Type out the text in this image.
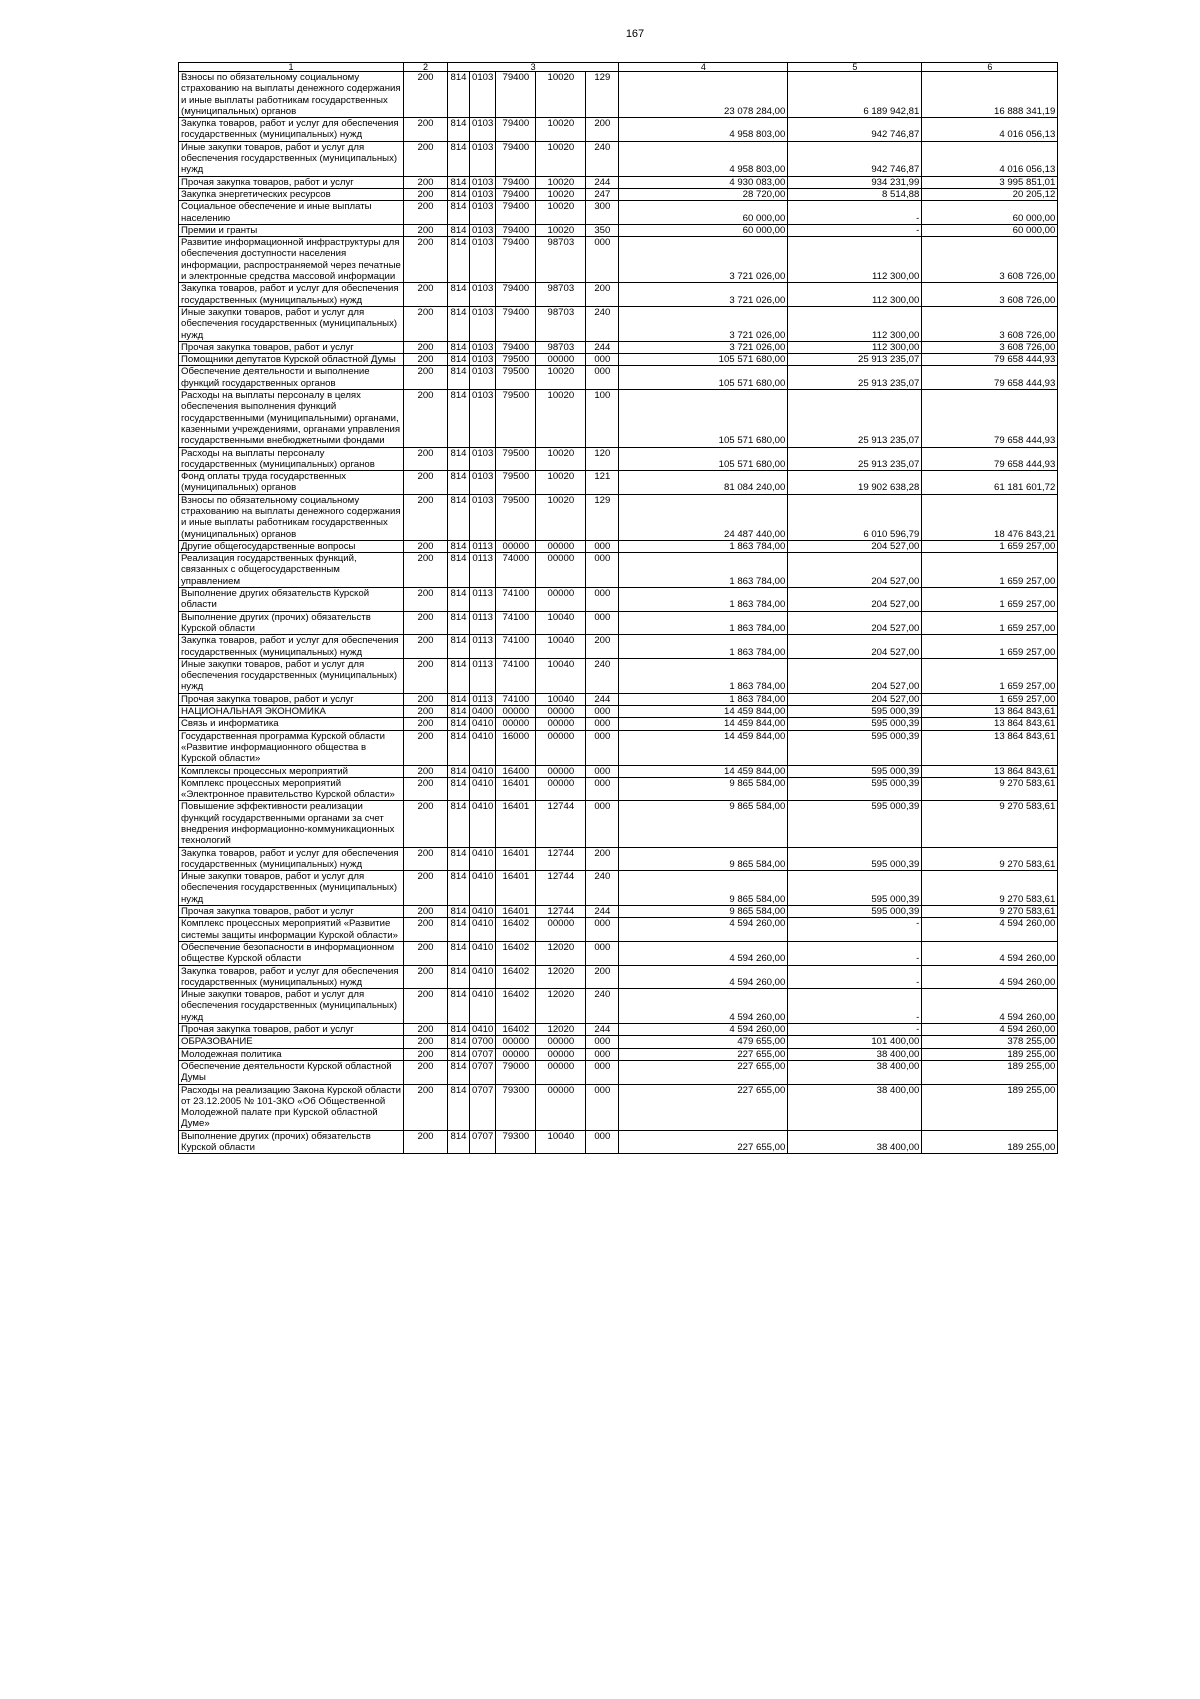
167
1	2	3					4	5	6
Взносы по обязательному социальному страхованию на выплаты денежного содержания и иные выплаты работникам государственных (муниципальных) органов	200	814	0103	79400	10020	129	23 078 284,00	6 189 942,81	16 888 341,19
Закупка товаров, работ и услуг для обеспечения государственных (муниципальных) нужд	200	814	0103	79400	10020	200	4 958 803,00	942 746,87	4 016 056,13
Иные закупки товаров, работ и услуг для обеспечения государственных (муниципальных) нужд	200	814	0103	79400	10020	240	4 958 803,00	942 746,87	4 016 056,13
Прочая закупка товаров, работ и услуг	200	814	0103	79400	10020	244	4 930 083,00	934 231,99	3 995 851,01
Закупка энергетических ресурсов	200	814	0103	79400	10020	247	28 720,00	8 514,88	20 205,12
Социальное обеспечение и иные выплаты населению	200	814	0103	79400	10020	300	60 000,00	-	60 000,00
Премии и гранты	200	814	0103	79400	10020	350	60 000,00	-	60 000,00
Развитие информационной инфраструктуры для обеспечения доступности населения информации, распространяемой через печатные и электронные средства массовой информации	200	814	0103	79400	98703	000	3 721 026,00	112 300,00	3 608 726,00
Закупка товаров, работ и услуг для обеспечения государственных (муниципальных) нужд	200	814	0103	79400	98703	200	3 721 026,00	112 300,00	3 608 726,00
Иные закупки товаров, работ и услуг для обеспечения государственных (муниципальных) нужд	200	814	0103	79400	98703	240	3 721 026,00	112 300,00	3 608 726,00
Прочая закупка товаров, работ и услуг	200	814	0103	79400	98703	244	3 721 026,00	112 300,00	3 608 726,00
Помощники депутатов Курской областной Думы	200	814	0103	79500	00000	000	105 571 680,00	25 913 235,07	79 658 444,93
Обеспечение деятельности и выполнение функций государственных органов	200	814	0103	79500	10020	000	105 571 680,00	25 913 235,07	79 658 444,93
Расходы на выплаты персоналу в целях обеспечения выполнения функций государственными (муниципальными) органами, казенными учреждениями, органами управления государственными внебюджетными фондами	200	814	0103	79500	10020	100	105 571 680,00	25 913 235,07	79 658 444,93
Расходы на выплаты персоналу государственных (муниципальных) органов	200	814	0103	79500	10020	120	105 571 680,00	25 913 235,07	79 658 444,93
Фонд оплаты труда государственных (муниципальных) органов	200	814	0103	79500	10020	121	81 084 240,00	19 902 638,28	61 181 601,72
Взносы по обязательному социальному страхованию на выплаты денежного содержания и иные выплаты работникам государственных (муниципальных) органов	200	814	0103	79500	10020	129	24 487 440,00	6 010 596,79	18 476 843,21
Другие общегосударственные вопросы	200	814	0113	00000	00000	000	1 863 784,00	204 527,00	1 659 257,00
Реализация государственных функций, связанных с общегосударственным управлением	200	814	0113	74000	00000	000	1 863 784,00	204 527,00	1 659 257,00
Выполнение других обязательств Курской области	200	814	0113	74100	00000	000	1 863 784,00	204 527,00	1 659 257,00
Выполнение других (прочих) обязательств Курской области	200	814	0113	74100	10040	000	1 863 784,00	204 527,00	1 659 257,00
Закупка товаров, работ и услуг для обеспечения государственных (муниципальных) нужд	200	814	0113	74100	10040	200	1 863 784,00	204 527,00	1 659 257,00
Иные закупки товаров, работ и услуг для обеспечения государственных (муниципальных) нужд	200	814	0113	74100	10040	240	1 863 784,00	204 527,00	1 659 257,00
Прочая закупка товаров, работ и услуг	200	814	0113	74100	10040	244	1 863 784,00	204 527,00	1 659 257,00
НАЦИОНАЛЬНАЯ ЭКОНОМИКА	200	814	0400	00000	00000	000	14 459 844,00	595 000,39	13 864 843,61
Связь и информатика	200	814	0410	00000	00000	000	14 459 844,00	595 000,39	13 864 843,61
Государственная программа Курской области «Развитие информационного общества в Курской области»	200	814	0410	16000	00000	000	14 459 844,00	595 000,39	13 864 843,61
Комплексы процессных мероприятий	200	814	0410	16400	00000	000	14 459 844,00	595 000,39	13 864 843,61
Комплекс процессных мероприятий «Электронное правительство Курской области»	200	814	0410	16401	00000	000	9 865 584,00	595 000,39	9 270 583,61
Повышение эффективности реализации функций государственными органами за счет внедрения информационно-коммуникационных технологий	200	814	0410	16401	12744	000	9 865 584,00	595 000,39	9 270 583,61
Закупка товаров, работ и услуг для обеспечения государственных (муниципальных) нужд	200	814	0410	16401	12744	200	9 865 584,00	595 000,39	9 270 583,61
Иные закупки товаров, работ и услуг для обеспечения государственных (муниципальных) нужд	200	814	0410	16401	12744	240	9 865 584,00	595 000,39	9 270 583,61
Прочая закупка товаров, работ и услуг	200	814	0410	16401	12744	244	9 865 584,00	595 000,39	9 270 583,61
Комплекс процессных мероприятий «Развитие системы защиты информации Курской области»	200	814	0410	16402	00000	000	4 594 260,00	-	4 594 260,00
Обеспечение безопасности в информационном обществе Курской области	200	814	0410	16402	12020	000	4 594 260,00	-	4 594 260,00
Закупка товаров, работ и услуг для обеспечения государственных (муниципальных) нужд	200	814	0410	16402	12020	200	4 594 260,00	-	4 594 260,00
Иные закупки товаров, работ и услуг для обеспечения государственных (муниципальных) нужд	200	814	0410	16402	12020	240	4 594 260,00	-	4 594 260,00
Прочая закупка товаров, работ и услуг	200	814	0410	16402	12020	244	4 594 260,00	-	4 594 260,00
ОБРАЗОВАНИЕ	200	814	0700	00000	00000	000	479 655,00	101 400,00	378 255,00
Молодежная политика	200	814	0707	00000	00000	000	227 655,00	38 400,00	189 255,00
Обеспечение деятельности Курской областной Думы	200	814	0707	79000	00000	000	227 655,00	38 400,00	189 255,00
Расходы на реализацию Закона Курской области от 23.12.2005 № 101-ЗКО «Об Общественной Молодежной палате при Курской областной Думе»	200	814	0707	79300	00000	000	227 655,00	38 400,00	189 255,00
Выполнение других (прочих) обязательств Курской области	200	814	0707	79300	10040	000	227 655,00	38 400,00	189 255,00
